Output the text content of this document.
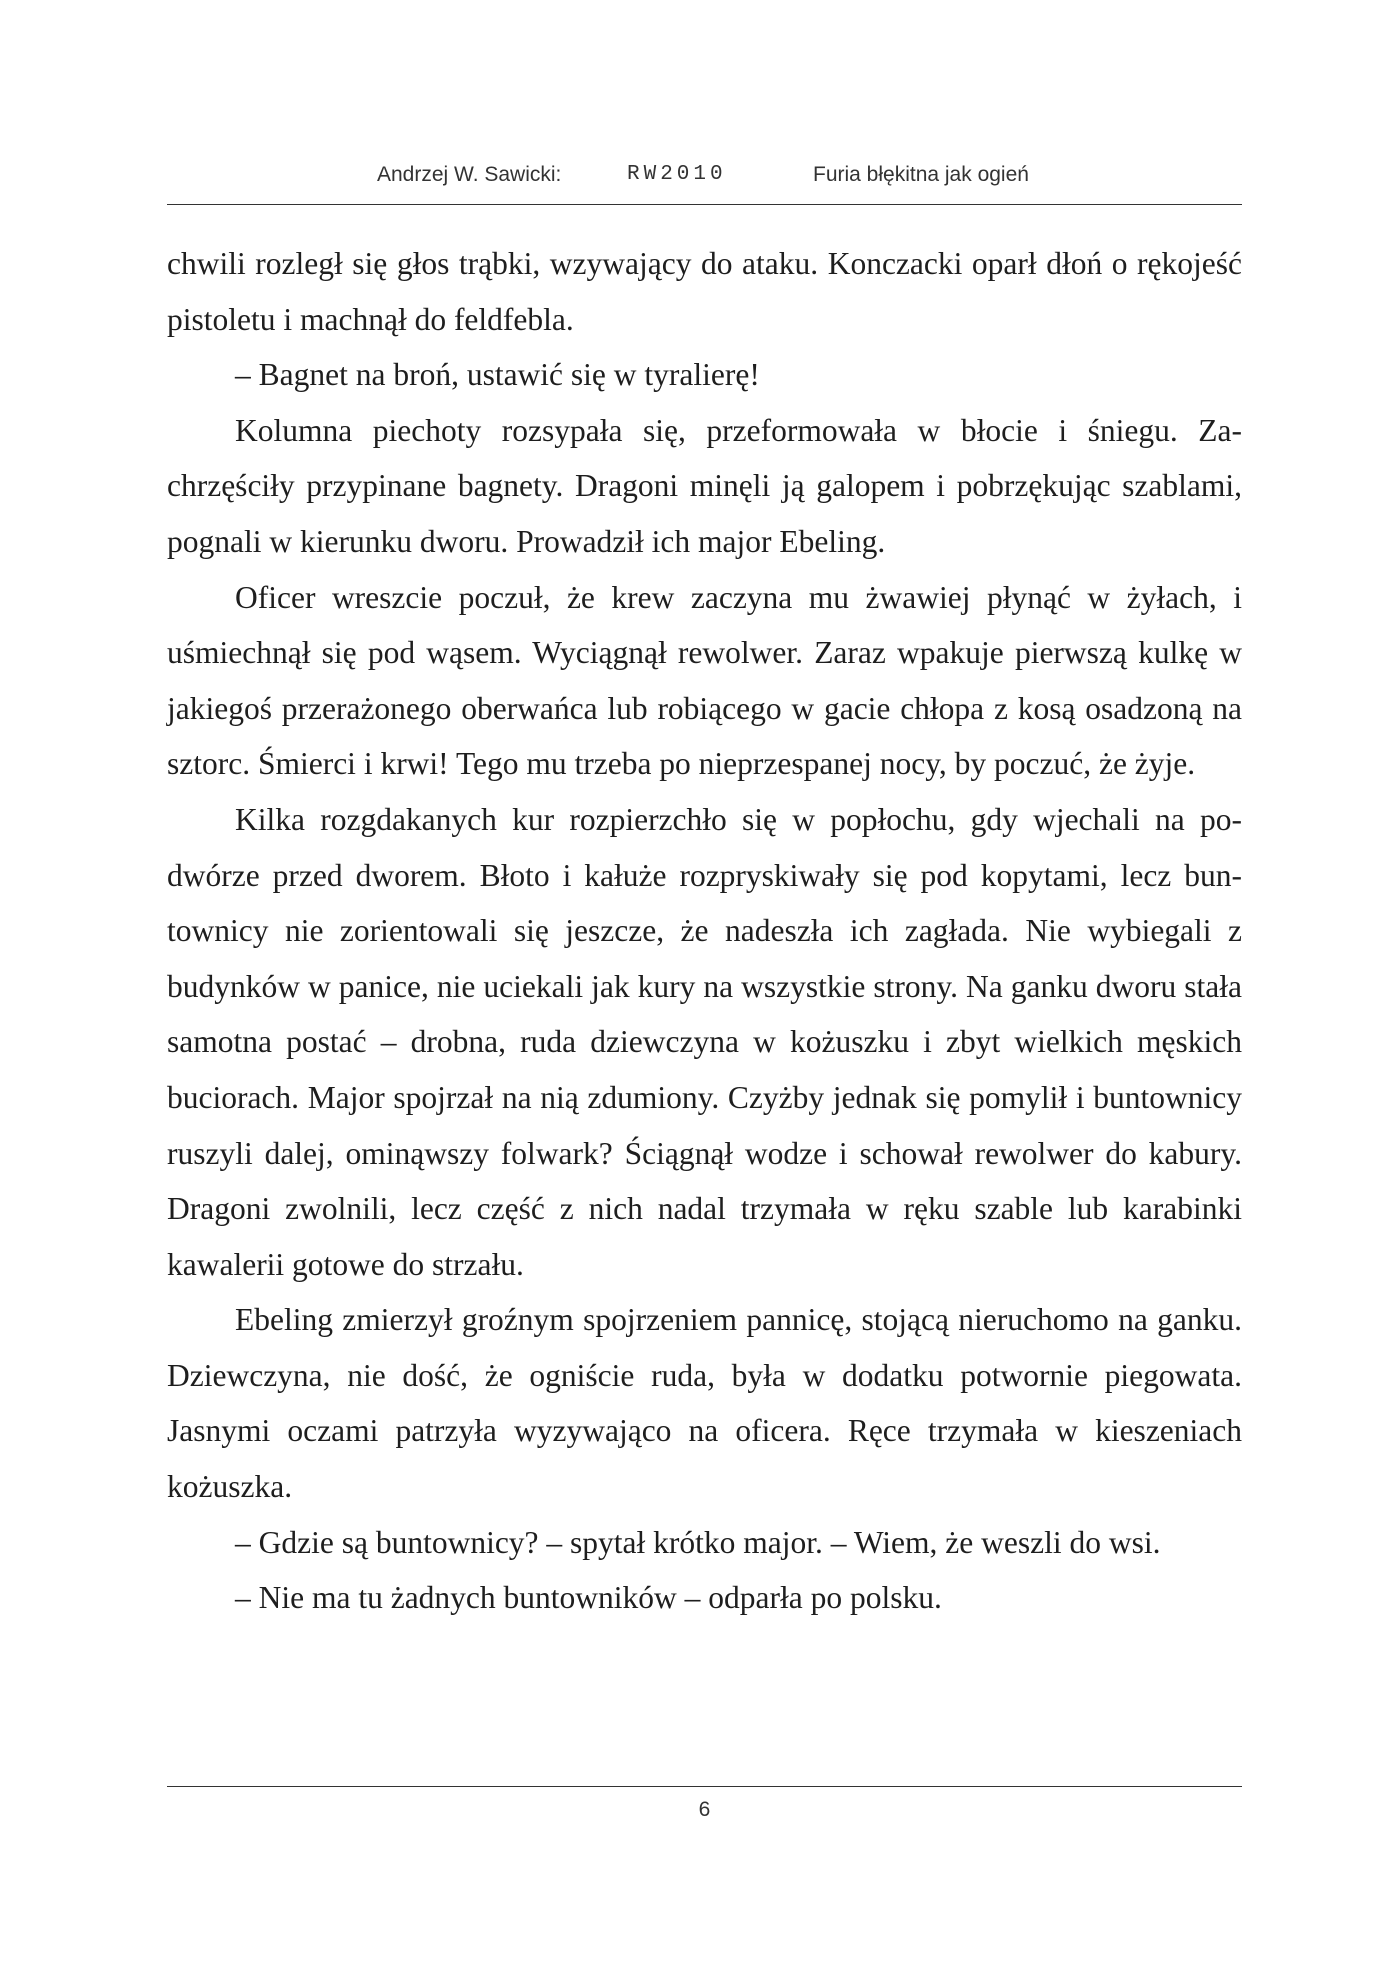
Andrzej W. Sawicki:	RW2010	Furia błękitna jak ogień

chwili rozległ się głos trąbki, wzywający do ataku. Konczacki oparł dłoń o rękojeść pistoletu i machnął do feldfebla.

– Bagnet na broń, ustawić się w tyralierę!

Kolumna piechoty rozsypała się, przeformowała w błocie i śniegu. Zachrzęściły przypinane bagnety. Dragoni minęli ją galopem i pobrzękując szablami, pognali w kierunku dworu. Prowadził ich major Ebeling.

Oficer wreszcie poczuł, że krew zaczyna mu żwawiej płynąć w żyłach, i uśmiechnął się pod wąsem. Wyciągnął rewolwer. Zaraz wpakuje pierwszą kulkę w jakiegoś przerażonego oberwańca lub robiącego w gacie chłopa z kosą osadzoną na sztorc. Śmierci i krwi! Tego mu trzeba po nieprzespanej nocy, by poczuć, że żyje.

Kilka rozgdakanych kur rozpierzchło się w popłochu, gdy wjechali na podwórze przed dworem. Błoto i kałuże rozpryskiwały się pod kopytami, lecz buntownicy nie zorientowali się jeszcze, że nadeszła ich zagłada. Nie wybiegali z budynków w panice, nie uciekali jak kury na wszystkie strony. Na ganku dworu stała samotna postać – drobna, ruda dziewczyna w kożuszku i zbyt wielkich męskich buciorach. Major spojrzał na nią zdumiony. Czyżby jednak się pomylił i buntownicy ruszyli dalej, ominąwszy folwark? Ściągnął wodze i schował rewolwer do kabury. Dragoni zwolnili, lecz część z nich nadal trzymała w ręku szable lub karabinki kawalerii gotowe do strzału.

Ebeling zmierzył groźnym spojrzeniem pannicę, stojącą nieruchomo na ganku. Dziewczyna, nie dość, że ogniście ruda, była w dodatku potwornie piegowata. Jasnymi oczami patrzyła wyzywająco na oficera. Ręce trzymała w kieszeniach kożuszka.

– Gdzie są buntownicy? – spytał krótko major. – Wiem, że weszli do wsi.

– Nie ma tu żadnych buntowników – odparła po polsku.

6
